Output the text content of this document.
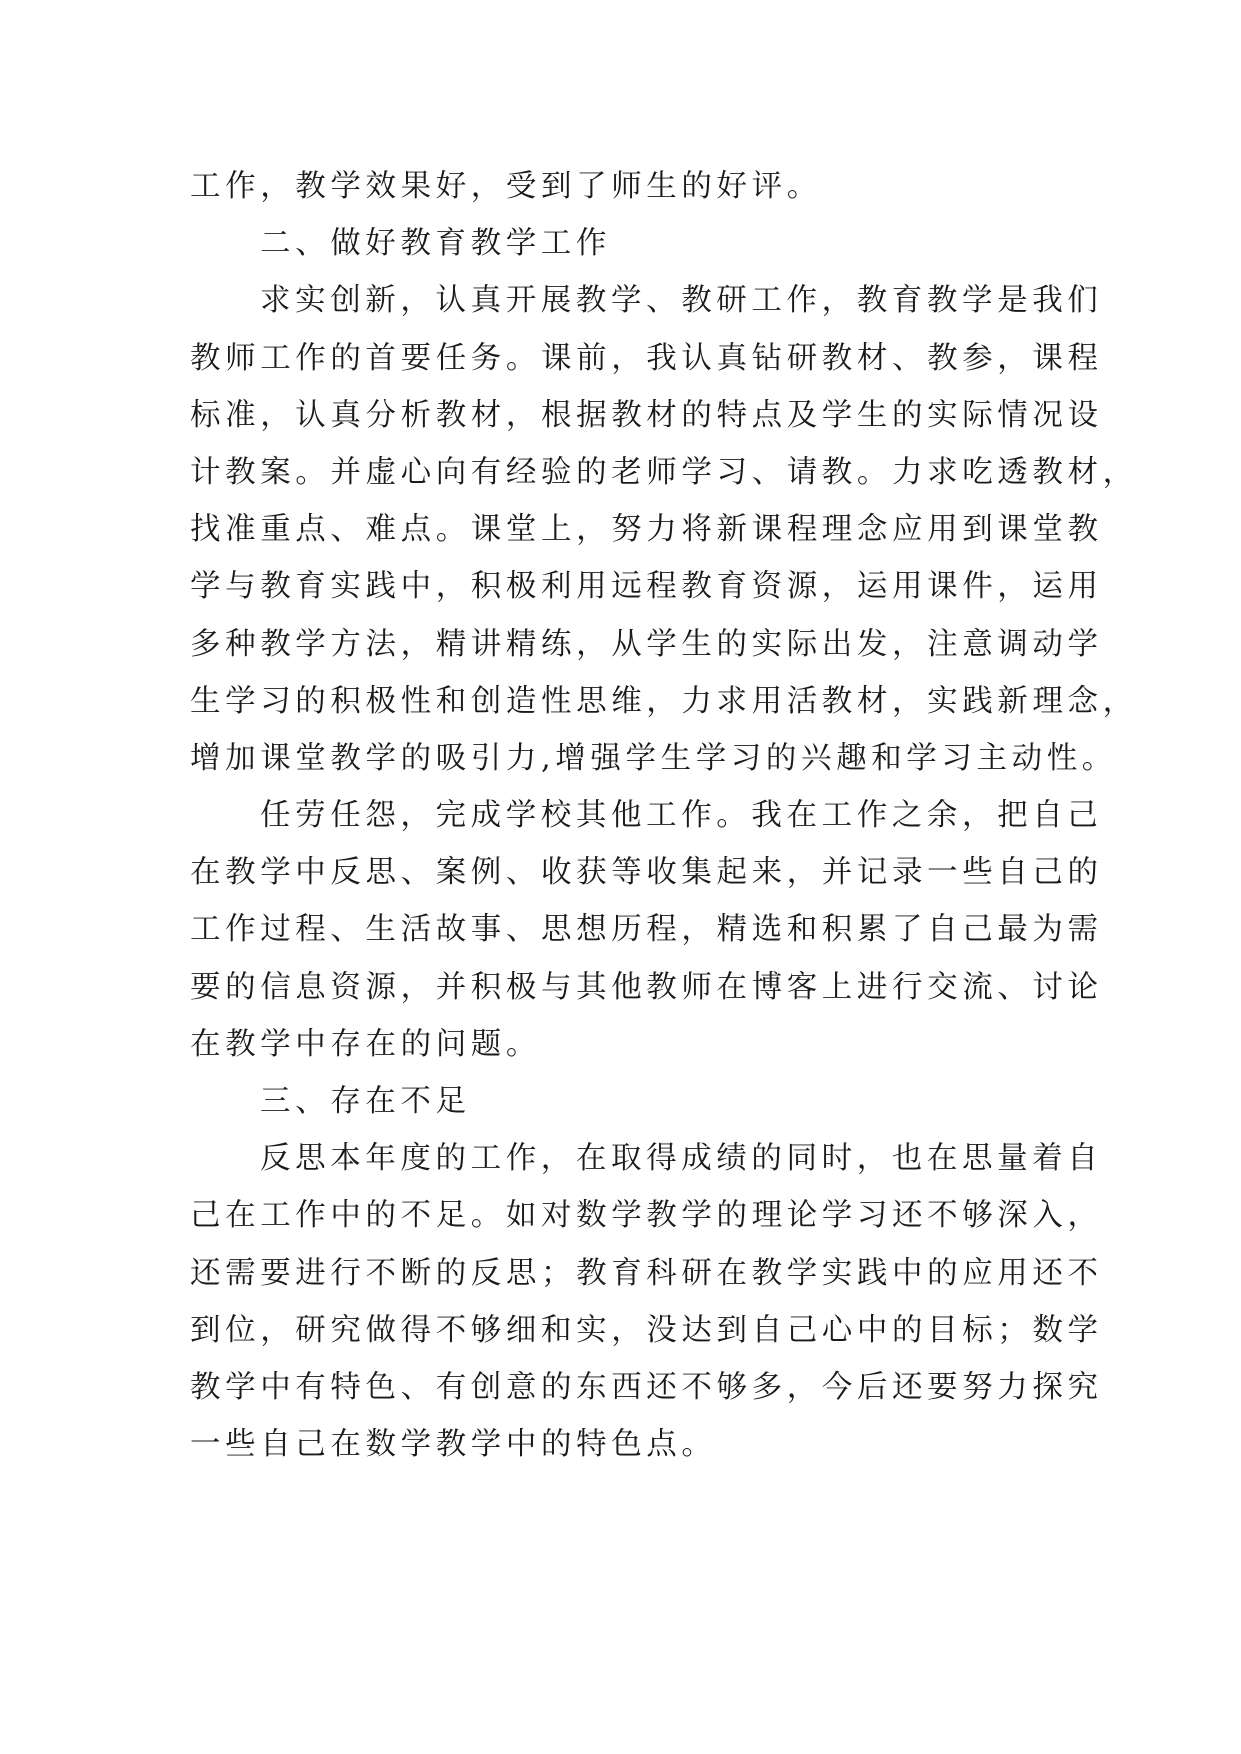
工作，教学效果好，受到了师生的好评。
二、做好教育教学工作
求实创新，认真开展教学、教研工作，教育教学是我们
教师工作的首要任务。课前，我认真钻研教材、教参，课程
标准，认真分析教材，根据教材的特点及学生的实际情况设
计教案。并虚心向有经验的老师学习、请教。力求吃透教材，
找准重点、难点。课堂上，努力将新课程理念应用到课堂教
学与教育实践中，积极利用远程教育资源，运用课件，运用
多种教学方法，精讲精练，从学生的实际出发，注意调动学
生学习的积极性和创造性思维，力求用活教材，实践新理念，
增加课堂教学的吸引力,增强学生学习的兴趣和学习主动性。
任劳任怨，完成学校其他工作。我在工作之余，把自己
在教学中反思、案例、收获等收集起来，并记录一些自己的
工作过程、生活故事、思想历程，精选和积累了自己最为需
要的信息资源，并积极与其他教师在博客上进行交流、讨论
在教学中存在的问题。
三、存在不足
反思本年度的工作，在取得成绩的同时，也在思量着自
己在工作中的不足。如对数学教学的理论学习还不够深入，
还需要进行不断的反思；教育科研在教学实践中的应用还不
到位，研究做得不够细和实，没达到自己心中的目标；数学
教学中有特色、有创意的东西还不够多，今后还要努力探究
一些自己在数学教学中的特色点。
